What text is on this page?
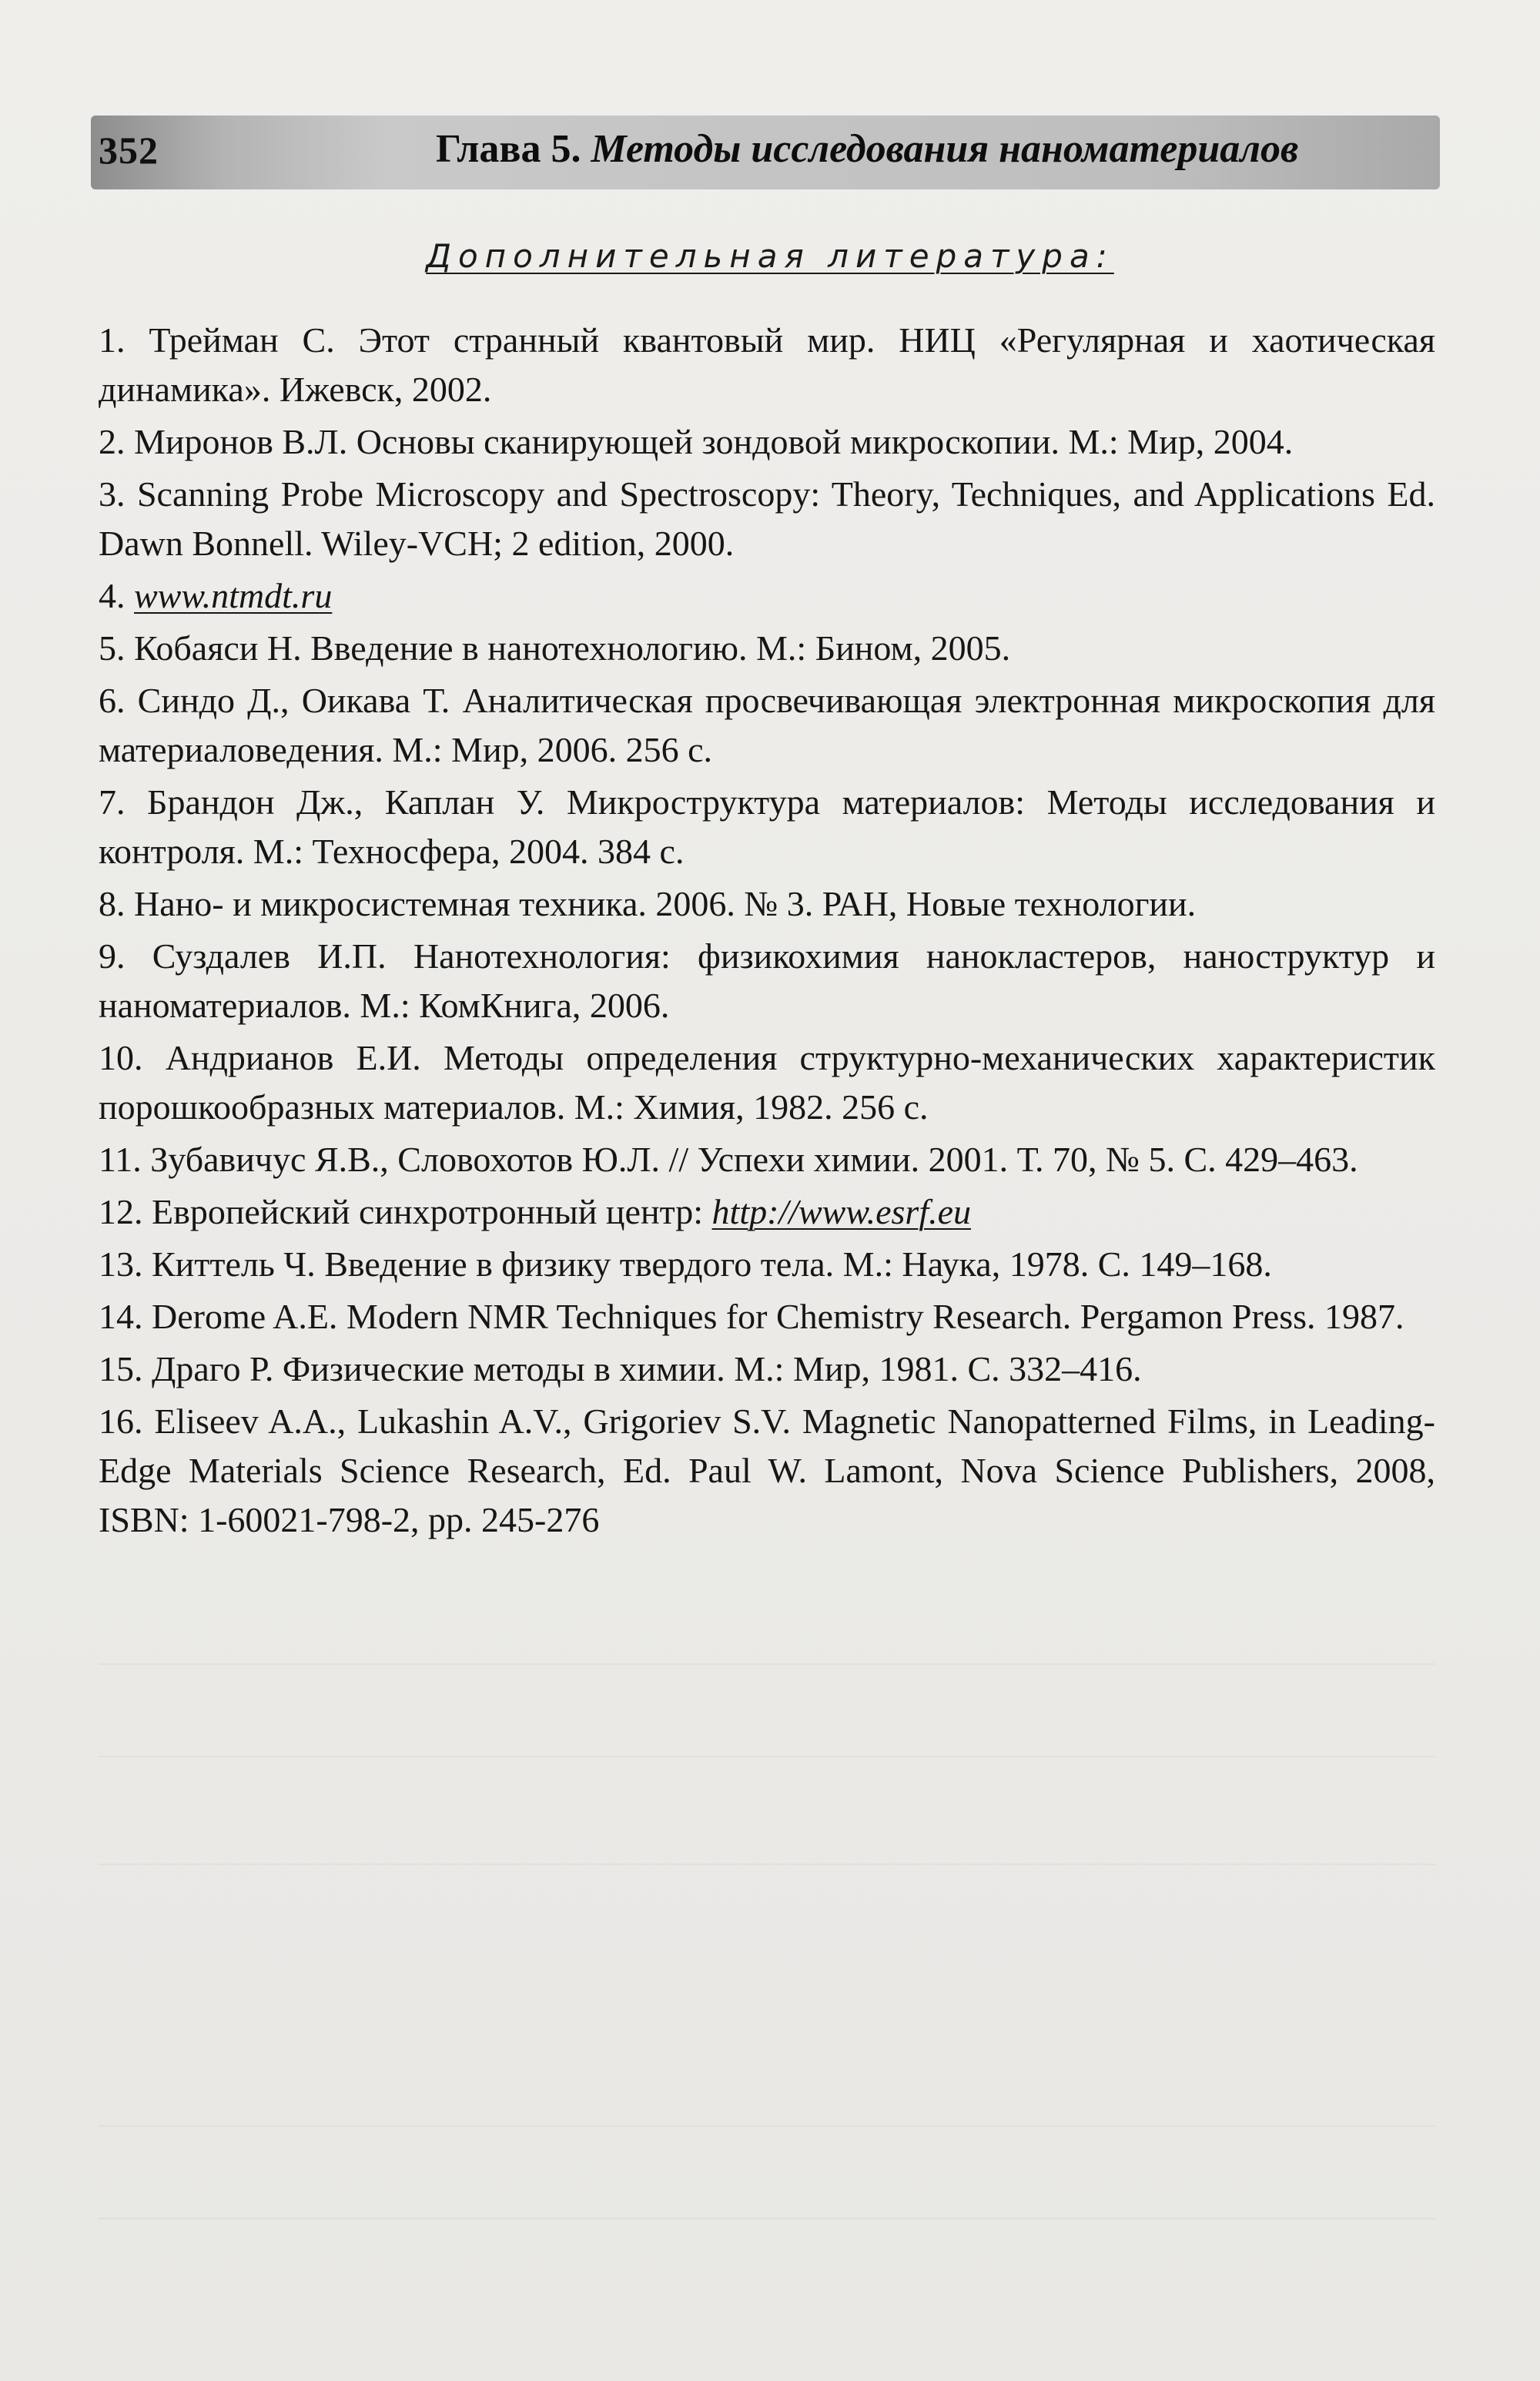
352	Глава 5. Методы исследования наноматериалов
Дополнительная литература:
1. Трейман С. Этот странный квантовый мир. НИЦ «Регулярная и хаотическая динамика». Ижевск, 2002.
2. Миронов В.Л. Основы сканирующей зондовой микроскопии. М.: Мир, 2004.
3. Scanning Probe Microscopy and Spectroscopy: Theory, Techniques, and Applications Ed. Dawn Bonnell. Wiley-VCH; 2 edition, 2000.
4. www.ntmdt.ru
5. Кобаяси Н. Введение в нанотехнологию. М.: Бином, 2005.
6. Синдо Д., Оикава Т. Аналитическая просвечивающая электронная микроскопия для материаловедения. М.: Мир, 2006. 256 с.
7. Брандон Дж., Каплан У. Микроструктура материалов: Методы исследования и контроля. М.: Техносфера, 2004. 384 с.
8. Нано- и микросистемная техника. 2006. № 3. РАН, Новые технологии.
9. Суздалев И.П. Нанотехнология: физикохимия нанокластеров, наноструктур и наноматериалов. М.: КомКнига, 2006.
10. Андрианов Е.И. Методы определения структурно-механических характеристик порошкообразных материалов. М.: Химия, 1982. 256 с.
11. Зубавичус Я.В., Словохотов Ю.Л. // Успехи химии. 2001. Т. 70, № 5. С. 429–463.
12. Европейский синхротронный центр: http://www.esrf.eu
13. Киттель Ч. Введение в физику твердого тела. М.: Наука, 1978. С. 149–168.
14. Derome A.E. Modern NMR Techniques for Chemistry Research. Pergamon Press. 1987.
15. Драго Р. Физические методы в химии. М.: Мир, 1981. С. 332–416.
16. Eliseev A.A., Lukashin A.V., Grigoriev S.V. Magnetic Nanopatterned Films, in Leading-Edge Materials Science Research, Ed. Paul W. Lamont, Nova Science Publishers, 2008, ISBN: 1-60021-798-2, pp. 245-276
